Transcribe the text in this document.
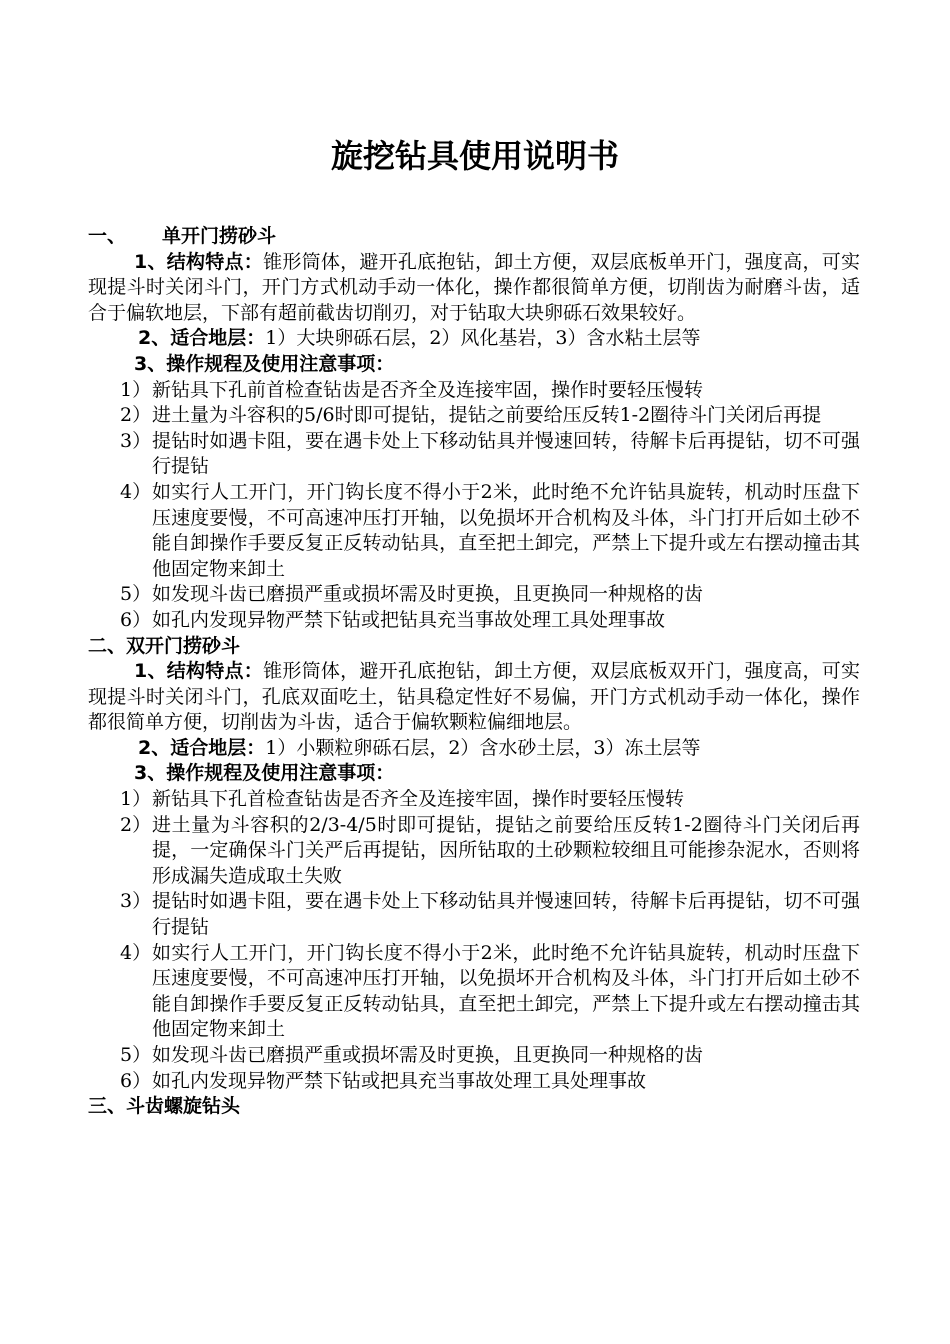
旋挖钻具使用说明书
一、 单开门捞砂斗
1、结构特点：锥形筒体，避开孔底抱钻，卸土方便，双层底板单开门，强度高，可实现提斗时关闭斗门，开门方式机动手动一体化，操作都很简单方便，切削齿为耐磨斗齿，适合于偏软地层，下部有超前截齿切削刃，对于钻取大块卵砾石效果较好。
2、适合地层：1）大块卵砾石层，2）风化基岩，3）含水粘土层等
3、操作规程及使用注意事项：
1） 新钻具下孔前首检查钻齿是否齐全及连接牢固，操作时要轻压慢转
2） 进土量为斗容积的5/6时即可提钻，提钻之前要给压反转1-2圈待斗门关闭后再提
3） 提钻时如遇卡阻，要在遇卡处上下移动钻具并慢速回转，待解卡后再提钻，切不可强行提钻
4） 如实行人工开门，开门钩长度不得小于2米，此时绝不允许钻具旋转，机动时压盘下压速度要慢，不可高速冲压打开轴，以免损坏开合机构及斗体，斗门打开后如土砂不能自卸操作手要反复正反转动钻具，直至把土卸完，严禁上下提升或左右摆动撞击其他固定物来卸土
5） 如发现斗齿已磨损严重或损坏需及时更换，且更换同一种规格的齿
6） 如孔内发现异物严禁下钻或把钻具充当事故处理工具处理事故
二、双开门捞砂斗
1、结构特点：锥形筒体，避开孔底抱钻，卸土方便，双层底板双开门，强度高，可实现提斗时关闭斗门，孔底双面吃土，钻具稳定性好不易偏，开门方式机动手动一体化，操作都很简单方便，切削齿为斗齿，适合于偏软颗粒偏细地层。
2、适合地层：1）小颗粒卵砾石层，2）含水砂土层，3）冻土层等
3、操作规程及使用注意事项：
1） 新钻具下孔首检查钻齿是否齐全及连接牢固，操作时要轻压慢转
2） 进土量为斗容积的2/3-4/5时即可提钻，提钻之前要给压反转1-2圈待斗门关闭后再提，一定确保斗门关严后再提钻，因所钻取的土砂颗粒较细且可能掺杂泥水，否则将形成漏失造成取土失败
3） 提钻时如遇卡阻，要在遇卡处上下移动钻具并慢速回转，待解卡后再提钻，切不可强行提钻
4） 如实行人工开门，开门钩长度不得小于2米，此时绝不允许钻具旋转，机动时压盘下压速度要慢，不可高速冲压打开轴，以免损坏开合机构及斗体，斗门打开后如土砂不能自卸操作手要反复正反转动钻具，直至把土卸完，严禁上下提升或左右摆动撞击其他固定物来卸土
5） 如发现斗齿已磨损严重或损坏需及时更换，且更换同一种规格的齿
6） 如孔内发现异物严禁下钻或把具充当事故处理工具处理事故
三、斗齿螺旋钻头
